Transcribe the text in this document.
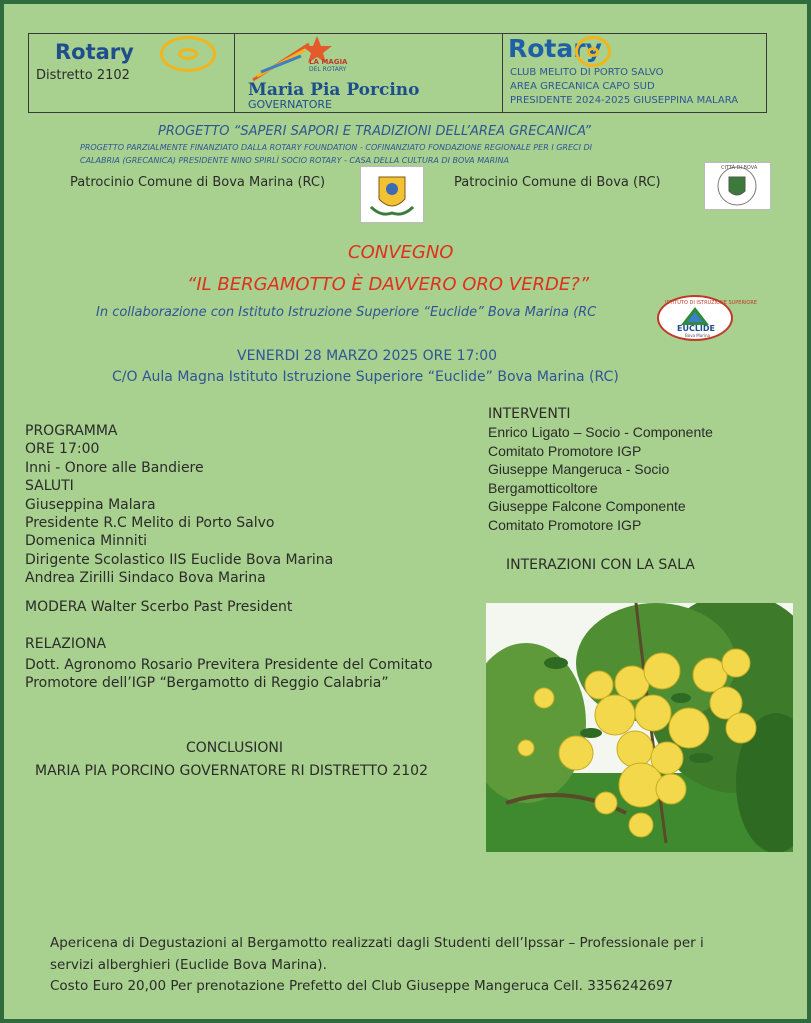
Rotary
Distretto 2102
LA MAGIA
DEL ROTARY
Maria Pia Porcino
GOVERNATORE
Rotary
CLUB MELITO DI PORTO SALVO
AREA GRECANICA CAPO SUD
PRESIDENTE 2024-2025 GIUSEPPINA MALARA
PROGETTO “SAPERI SAPORI E TRADIZIONI DELL’AREA GRECANICA”
PROGETTO PARZIALMENTE FINANZIATO DALLA ROTARY FOUNDATION - COFINANZIATO FONDAZIONE REGIONALE PER I GRECI DI
CALABRIA (GRECANICA) PRESIDENTE NINO SPIRLÌ SOCIO ROTARY - CASA DELLA CULTURA DI BOVA MARINA
Patrocinio Comune di Bova Marina (RC)	Patrocinio Comune di Bova (RC)
CITTÀ DI BOVA
CONVEGNO
“IL BERGAMOTTO È DAVVERO ORO VERDE?”
In collaborazione con Istituto Istruzione Superiore “Euclide” Bova Marina (RC
ISTITUTO DI ISTRUZIONE SUPERIORE
EUCLIDE
Bova Marina
VENERDI 28 MARZO 2025 ORE 17:00
C/O Aula Magna Istituto Istruzione Superiore “Euclide” Bova Marina (RC)
PROGRAMMA
ORE 17:00
Inni - Onore alle Bandiere
SALUTI
Giuseppina Malara
Presidente R.C Melito di Porto Salvo
Domenica Minniti
Dirigente Scolastico IIS Euclide Bova Marina
Andrea Zirilli Sindaco Bova Marina
MODERA Walter Scerbo Past President
RELAZIONA
Dott. Agronomo Rosario Previtera Presidente del Comitato
Promotore dell’IGP “Bergamotto di Reggio Calabria”
CONCLUSIONI
MARIA PIA PORCINO GOVERNATORE RI DISTRETTO 2102
INTERVENTI
Enrico Ligato – Socio - Componente
Comitato Promotore IGP
Giuseppe Mangeruca - Socio
Bergamotticoltore
Giuseppe Falcone Componente
Comitato Promotore IGP
INTERAZIONI CON LA SALA
Apericena di Degustazioni al Bergamotto realizzati dagli Studenti dell’Ipssar – Professionale per i
servizi alberghieri (Euclide Bova Marina).
Costo Euro 20,00 Per prenotazione Prefetto del Club Giuseppe Mangeruca Cell. 3356242697
